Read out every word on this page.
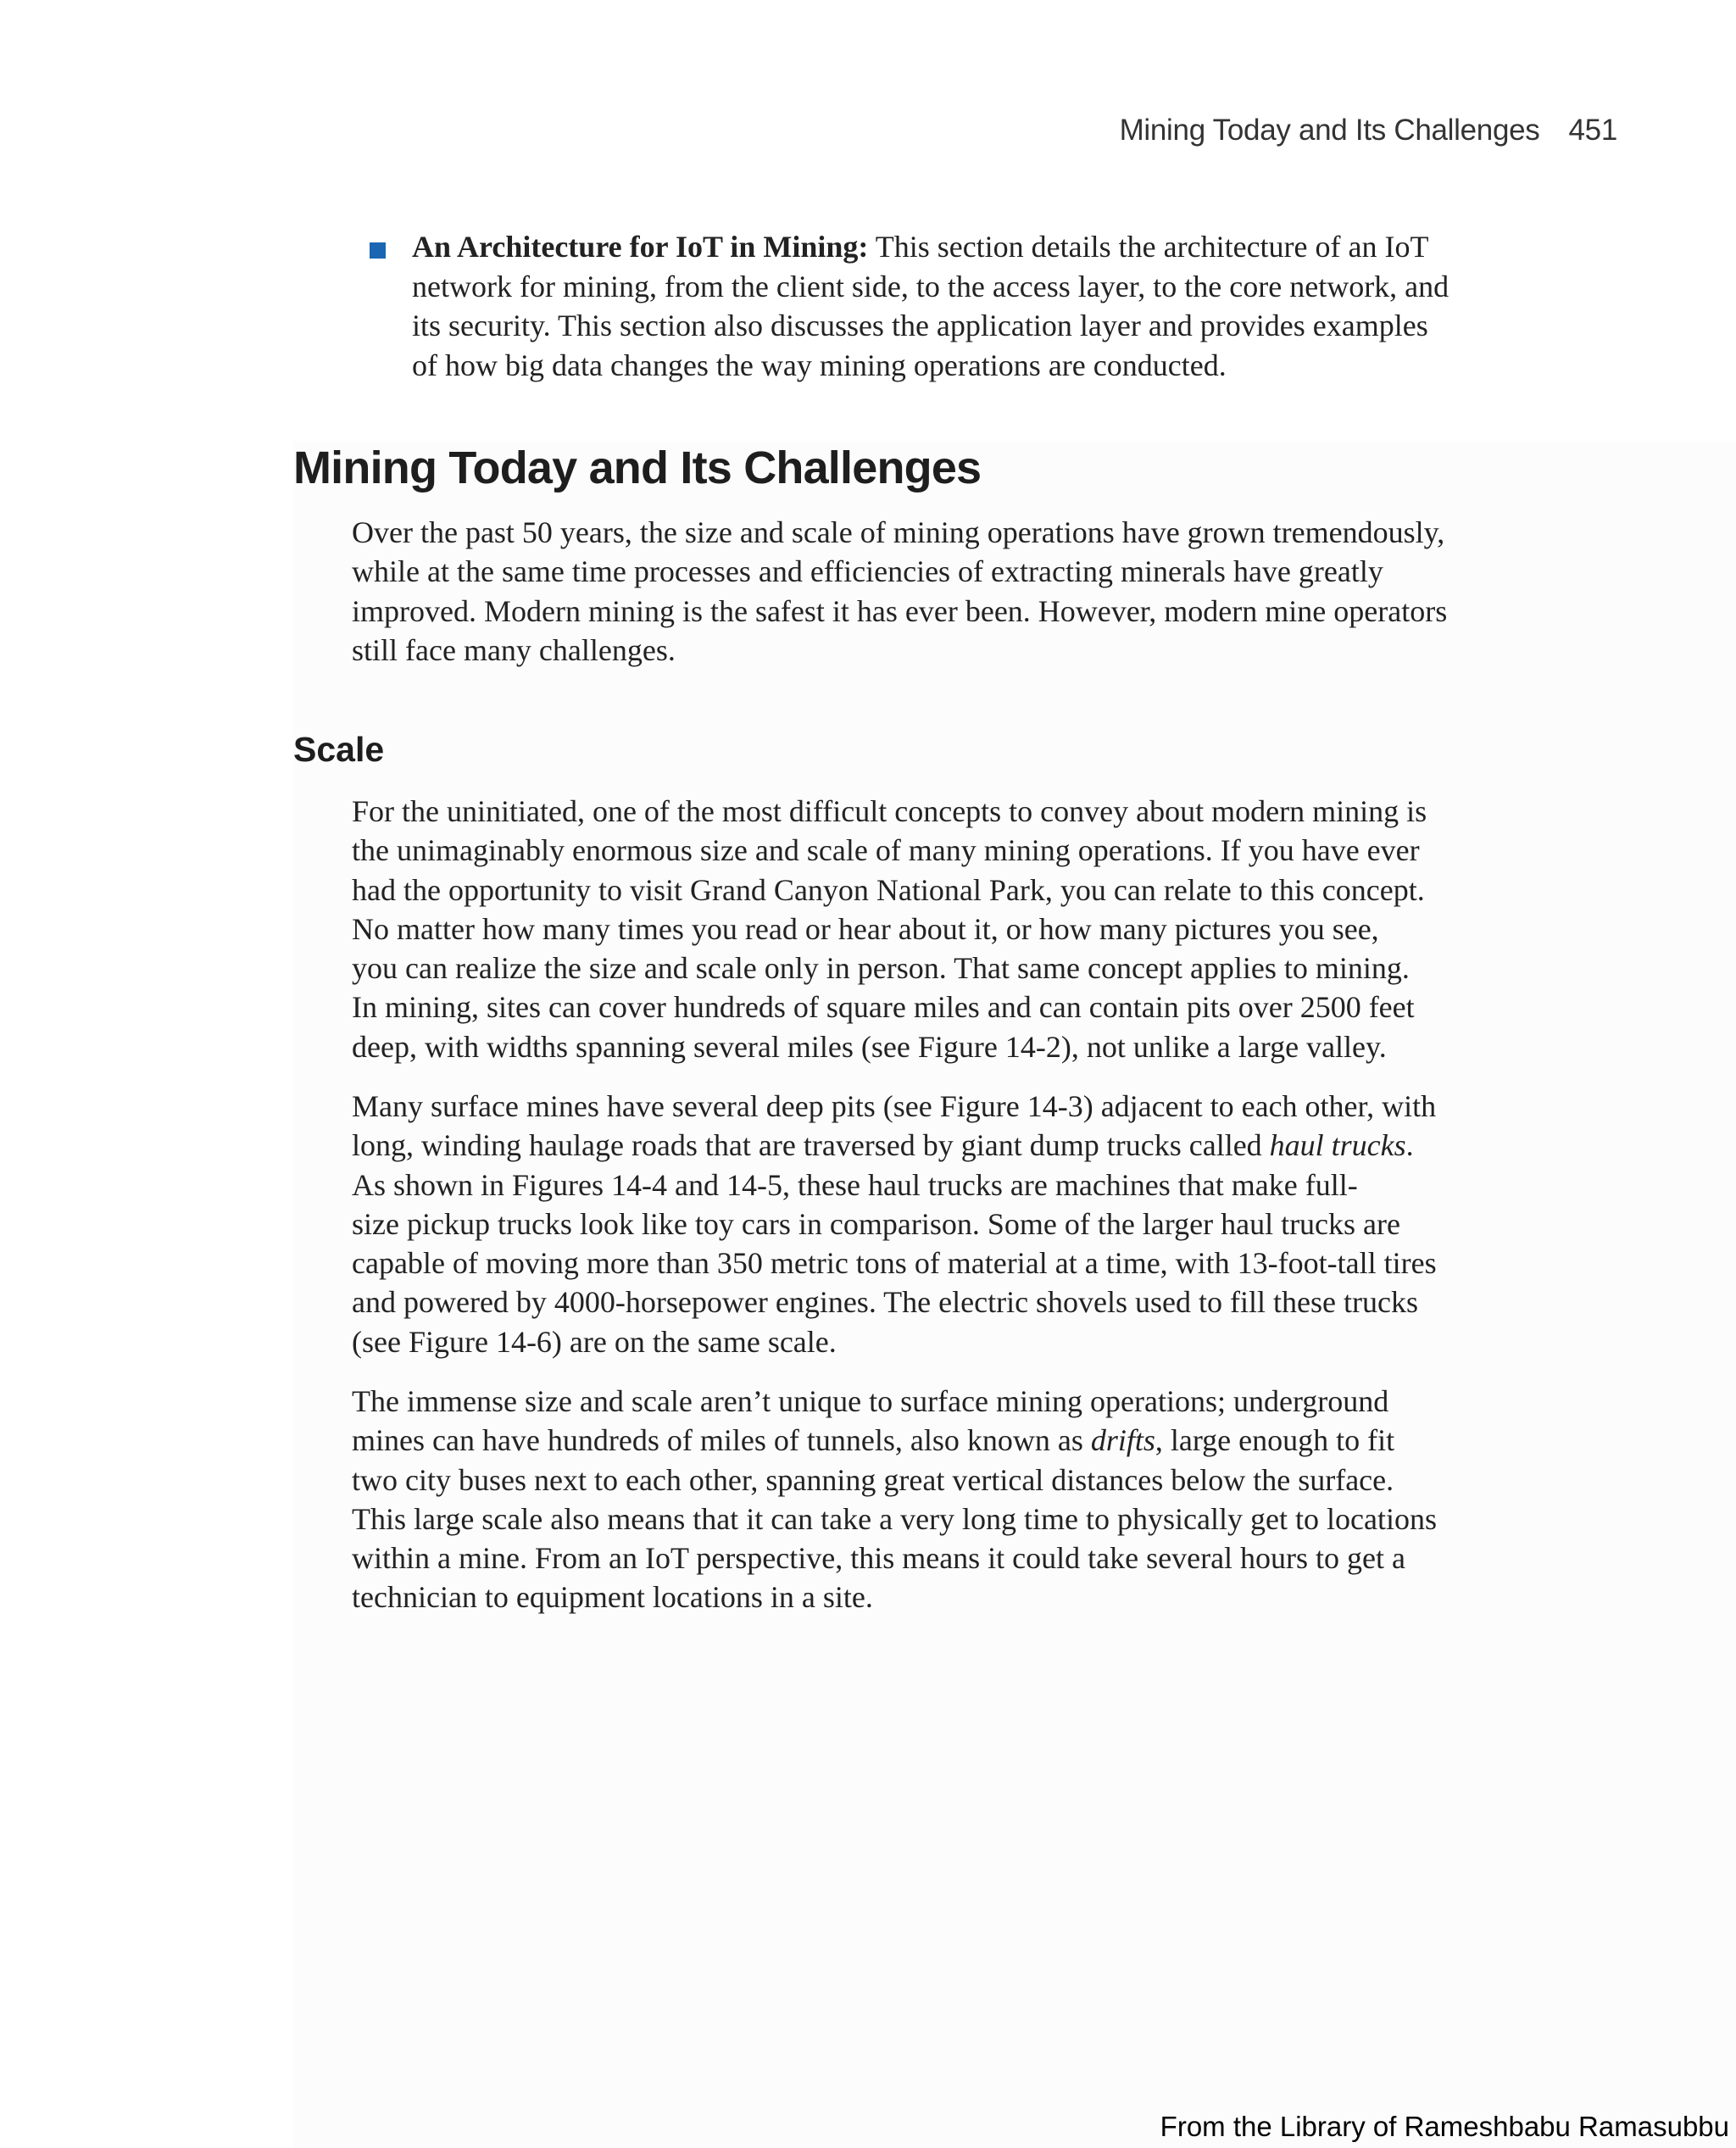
Mining Today and Its Challenges 451
An Architecture for IoT in Mining: This section details the architecture of an IoT
network for mining, from the client side, to the access layer, to the core network, and
its security. This section also discusses the application layer and provides examples
of how big data changes the way mining operations are conducted.
Mining Today and Its Challenges

Over the past 50 years, the size and scale of mining operations have grown tremendously,
while at the same time processes and efficiencies of extracting minerals have greatly
improved. Modern mining is the safest it has ever been. However, modern mine operators
still face many challenges.

Scale

For the uninitiated, one of the most difficult concepts to convey about modern mining is
the unimaginably enormous size and scale of many mining operations. If you have ever
had the opportunity to visit Grand Canyon National Park, you can relate to this concept.
No matter how many times you read or hear about it, or how many pictures you see,
you can realize the size and scale only in person. That same concept applies to mining.
In mining, sites can cover hundreds of square miles and can contain pits over 2500 feet
deep, with widths spanning several miles (see Figure 14-2), not unlike a large valley.

Many surface mines have several deep pits (see Figure 14-3) adjacent to each other, with
long, winding haulage roads that are traversed by giant dump trucks called haul trucks.
As shown in Figures 14-4 and 14-5, these haul trucks are machines that make full-
size pickup trucks look like toy cars in comparison. Some of the larger haul trucks are
capable of moving more than 350 metric tons of material at a time, with 13-foot-tall tires
and powered by 4000-horsepower engines. The electric shovels used to fill these trucks
(see Figure 14-6) are on the same scale.

The immense size and scale aren’t unique to surface mining operations; underground
mines can have hundreds of miles of tunnels, also known as drifts, large enough to fit
two city buses next to each other, spanning great vertical distances below the surface.
This large scale also means that it can take a very long time to physically get to locations
within a mine. From an IoT perspective, this means it could take several hours to get a
technician to equipment locations in a site.

From the Library of Rameshbabu Ramasubbu
